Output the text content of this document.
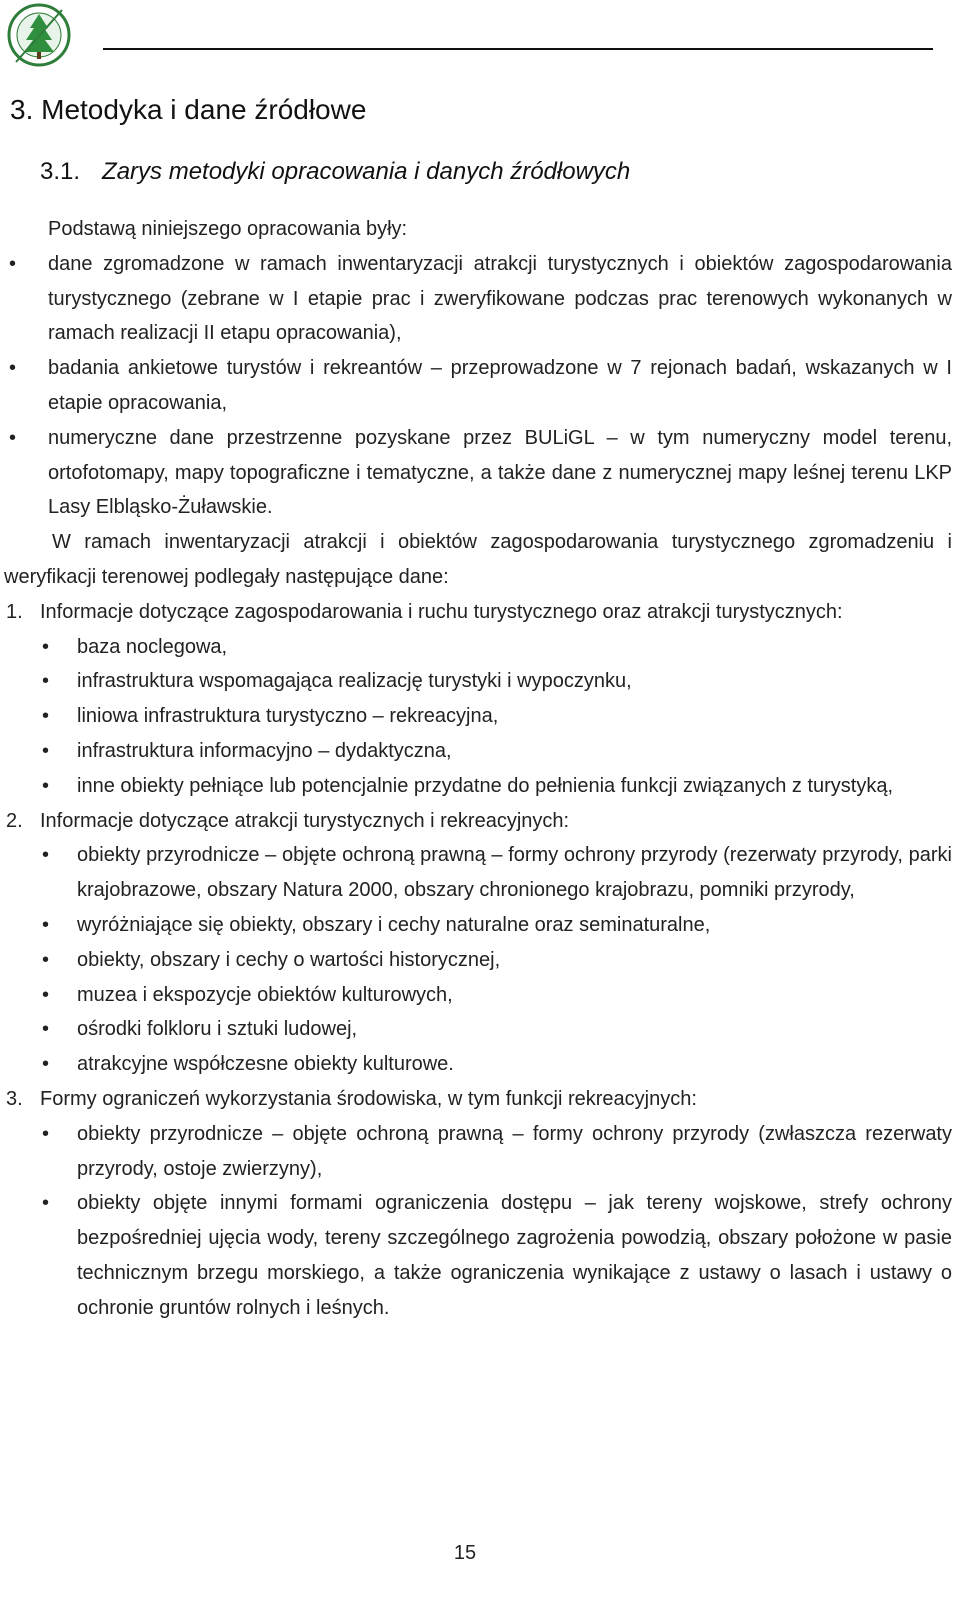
3. Metodyka i dane źródłowe
3.1. Zarys metodyki opracowania i danych źródłowych

Podstawą niniejszego opracowania były:

• dane zgromadzone w ramach inwentaryzacji atrakcji turystycznych i obiektów zagospodarowania turystycznego (zebrane w I etapie prac i zweryfikowane podczas prac terenowych wykonanych w ramach realizacji II etapu opracowania),
• badania ankietowe turystów i rekreantów – przeprowadzone w 7 rejonach badań, wskazanych w I etapie opracowania,
• numeryczne dane przestrzenne pozyskane przez BULiGL – w tym numeryczny model terenu, ortofotomapy, mapy topograficzne i tematyczne, a także dane z numerycznej mapy leśnej terenu LKP Lasy Elbląsko-Żuławskie.

W ramach inwentaryzacji atrakcji i obiektów zagospodarowania turystycznego zgromadzeniu i weryfikacji terenowej podlegały następujące dane:

1. Informacje dotyczące zagospodarowania i ruchu turystycznego oraz atrakcji turystycznych:
• baza noclegowa,
• infrastruktura wspomagająca realizację turystyki i wypoczynku,
• liniowa infrastruktura turystyczno – rekreacyjna,
• infrastruktura informacyjno – dydaktyczna,
• inne obiekty pełniące lub potencjalnie przydatne do pełnienia funkcji związanych z turystyką,
2. Informacje dotyczące atrakcji turystycznych i rekreacyjnych:
• obiekty przyrodnicze – objęte ochroną prawną – formy ochrony przyrody (rezerwaty przyrody, parki krajobrazowe, obszary Natura 2000, obszary chronionego krajobrazu, pomniki przyrody,
• wyróżniające się obiekty, obszary i cechy naturalne oraz seminaturalne,
• obiekty, obszary i cechy o wartości historycznej,
• muzea i ekspozycje obiektów kulturowych,
• ośrodki folkloru i sztuki ludowej,
• atrakcyjne współczesne obiekty kulturowe.
3. Formy ograniczeń wykorzystania środowiska, w tym funkcji rekreacyjnych:
• obiekty przyrodnicze – objęte ochroną prawną – formy ochrony przyrody (zwłaszcza rezerwaty przyrody, ostoje zwierzyny),
• obiekty objęte innymi formami ograniczenia dostępu – jak tereny wojskowe, strefy ochrony bezpośredniej ujęcia wody, tereny szczególnego zagrożenia powodzią, obszary położone w pasie technicznym brzegu morskiego, a także ograniczenia wynikające z ustawy o lasach i ustawy o ochronie gruntów rolnych i leśnych.
15
